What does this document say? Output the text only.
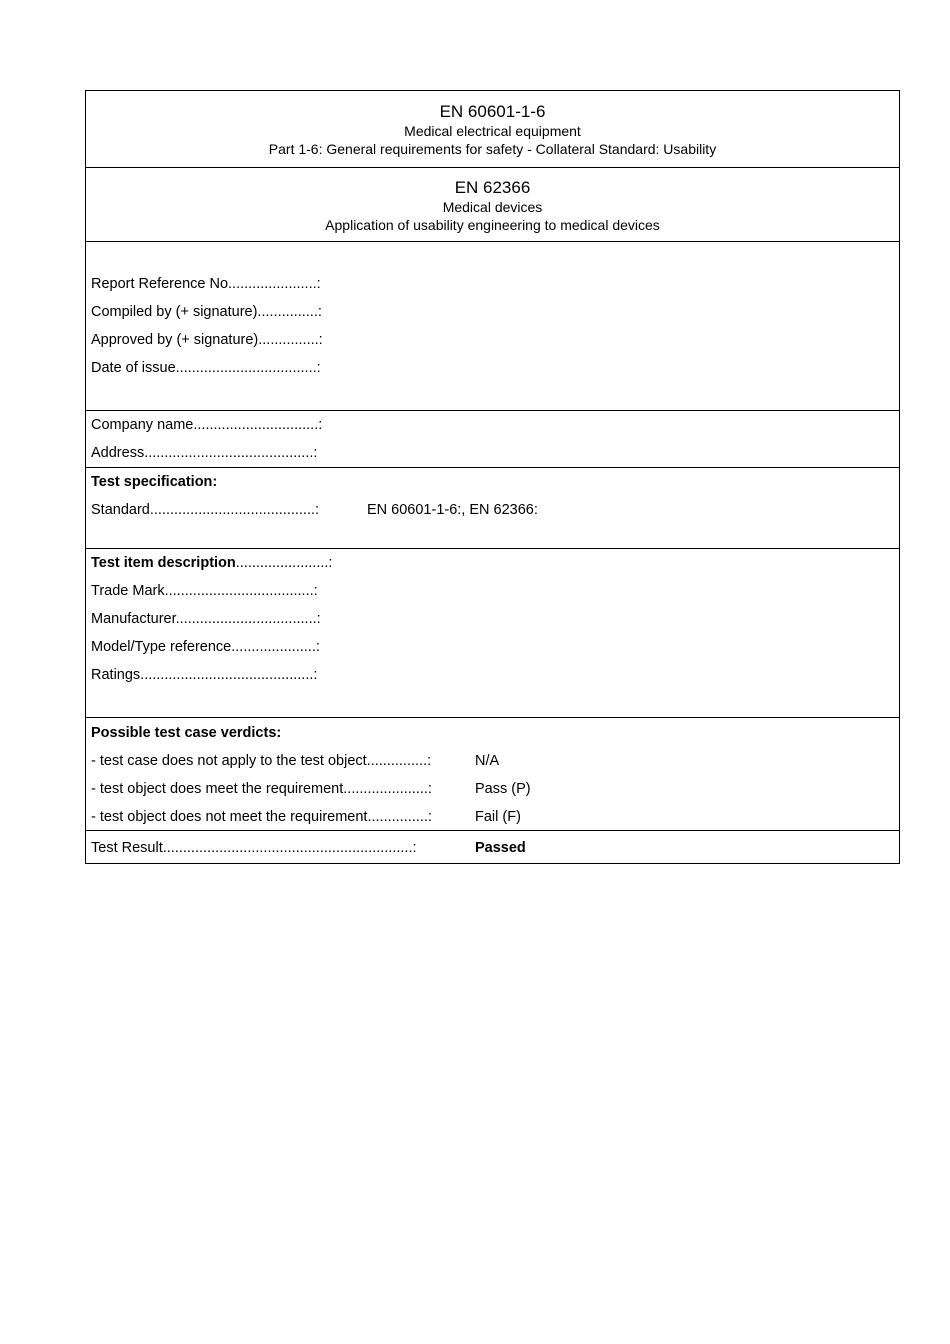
EN 60601-1-6
Medical electrical equipment
Part 1-6: General requirements for safety - Collateral Standard: Usability
EN 62366
Medical devices
Application of usability engineering to medical devices
Report Reference No......................:
Compiled by (+ signature)...............:
Approved by (+ signature)...............:
Date of issue...................................:
Company name...............................:
Address..........................................:
Test specification:
Standard.........................................:	EN 60601-1-6:, EN 62366:
Test item description.......................:
Trade Mark.....................................:
Manufacturer...................................:
Model/Type reference.....................:
Ratings...........................................:
Possible test case verdicts:
- test case does not apply to the test object...............:	N/A
- test object does meet the requirement.....................:	Pass (P)
- test object does not meet the requirement...............:	Fail (F)
Test Result..............................................................:	Passed
